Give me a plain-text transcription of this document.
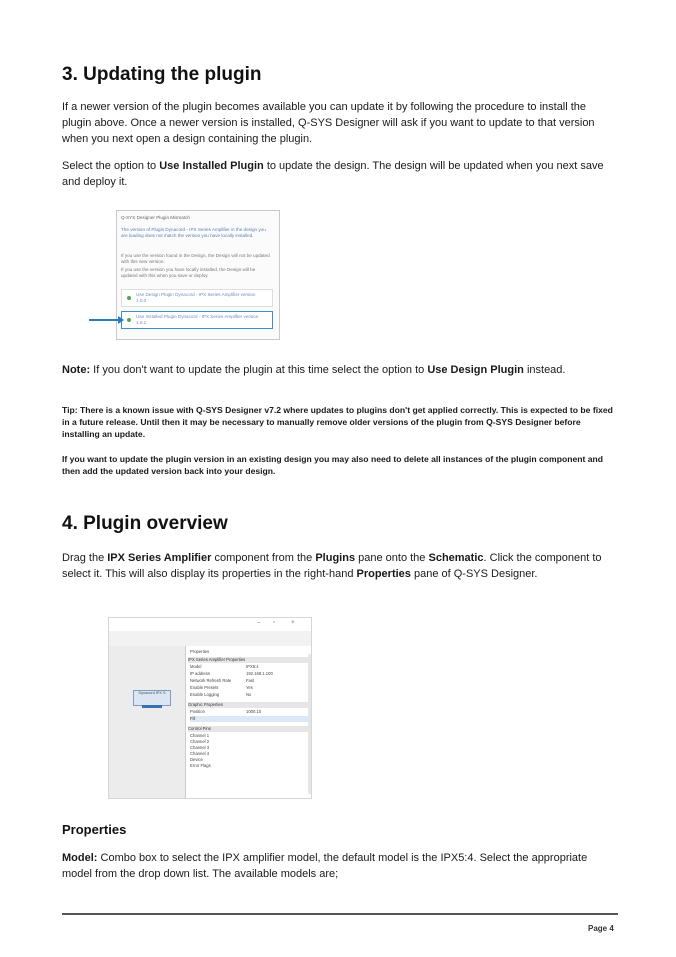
3. Updating the plugin

If a newer version of the plugin becomes available you can update it by following the procedure to install the plugin above. Once a newer version is installed, Q-SYS Designer will ask if you want to update to that version when you next open a design containing the plugin.

Select the option to Use Installed Plugin to update the design. The design will be updated when you next save and deploy it.

Q-SYS Designer Plugin Mismatch
The version of Plugin Dynacord - IPX Series Amplifier in the design you are loading does not match the version you have locally installed.
If you use the version found in the Design, the Design will not be updated with this new version.
If you use the version you have locally installed, the Design will be updated with this when you save or deploy.
Use Design Plugin Dynacord - IPX Series Amplifier version 1.0.0
Use Installed Plugin Dynacord - IPX Series Amplifier version 1.0.1

Note: If you don't want to update the plugin at this time select the option to Use Design Plugin instead.

Tip: There is a known issue with Q-SYS Designer v7.2 where updates to plugins don't get applied correctly. This is expected to be fixed in a future release. Until then it may be necessary to manually remove older versions of the plugin from Q-SYS Designer before installing an update.

If you want to update the plugin version in an existing design you may also need to delete all instances of the plugin component and then add the updated version back into your design.

4. Plugin overview

Drag the IPX Series Amplifier component from the Plugins pane onto the Schematic. Click the component to select it. This will also display its properties in the right-hand Properties pane of Q-SYS Designer.

– ▫	×
Dynacord IPX S
Properties
IPX Series Amplifier Properties
Model	IPX5:4
IP address	192.168.1.100
Network Refresh Rate	Fast
Enable Presets	Yes
Enable Logging	No
Graphic Properties
Position	1000,10
Fill
Control Pins
Channel 1
Channel 2
Channel 3
Channel 4
Device
Error Flags
Properties

Model: Combo box to select the IPX amplifier model, the default model is the IPX5:4. Select the appropriate model from the drop down list. The available models are;

Page 4
